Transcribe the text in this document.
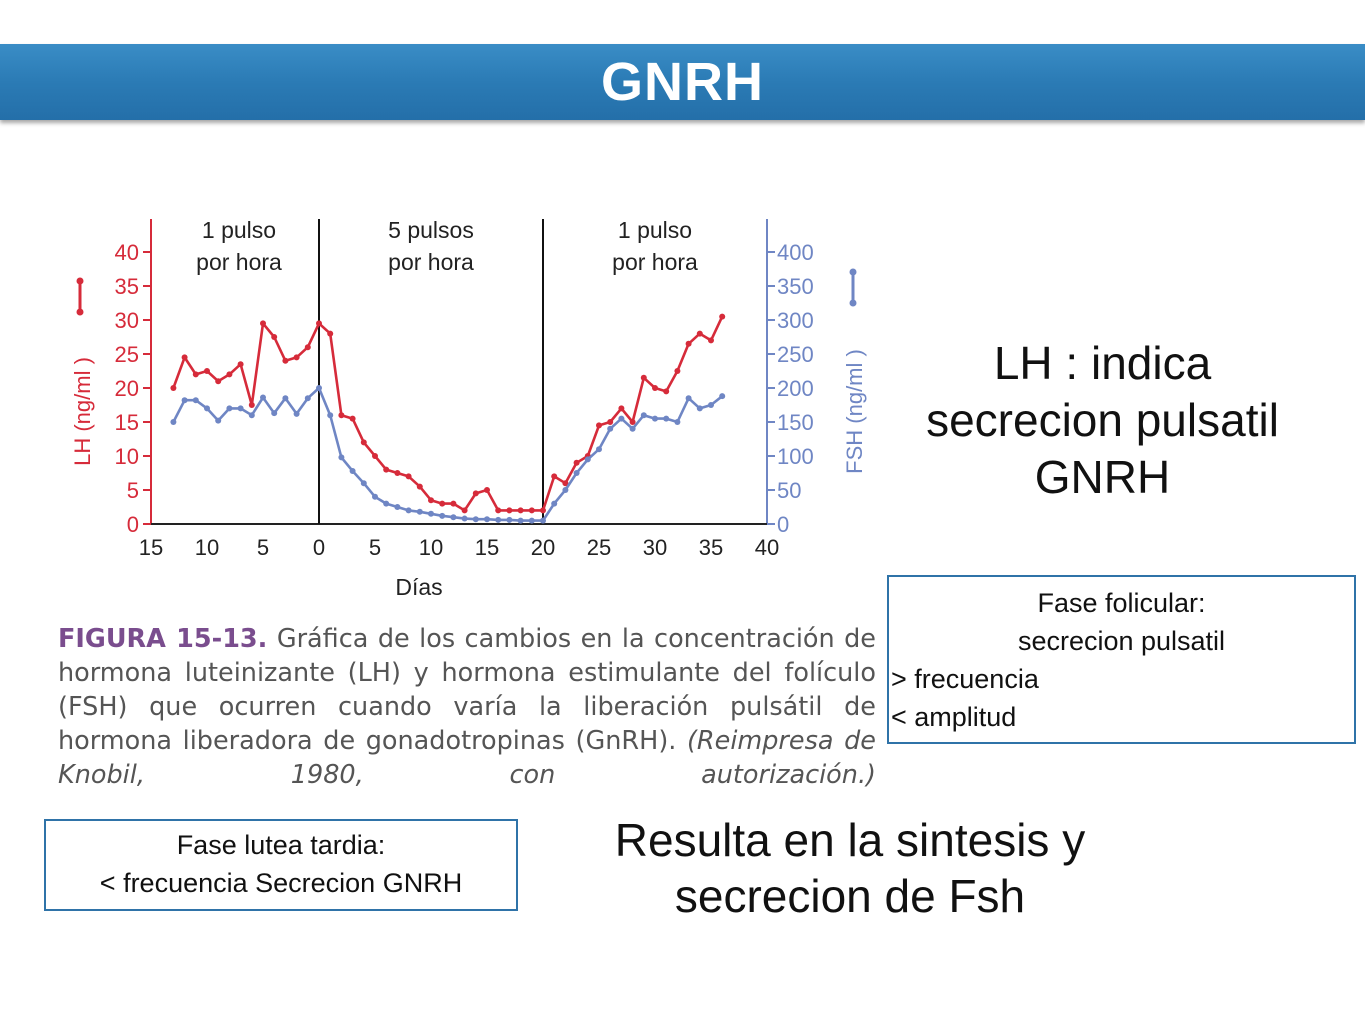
GNRH
1 pulso
por hora
5 pulsos
por hora
1 pulso
por hora
0
5
10
15
20
25
30
35
40
0
50
100
150
200
250
300
350
400
15 10 5 0 5 10 15 20 25 30 35 40
LH (ng/ml )	FSH (ng/ml )
Días
FIGURA 15-13. Gráfica de los cambios en la concentración de hormona luteinizante (LH) y hormona estimulante del folículo (FSH) que ocurren cuando varía la liberación pulsátil de hormona liberadora de gonadotropinas (GnRH). (Reimpresa de Knobil, 1980, con autorización.)
LH : indica
secrecion pulsatil
GNRH
Fase folicular:
secrecion pulsatil
> frecuencia
< amplitud
Fase lutea tardia:
< frecuencia Secrecion GNRH
Resulta en la sintesis y
secrecion de Fsh
